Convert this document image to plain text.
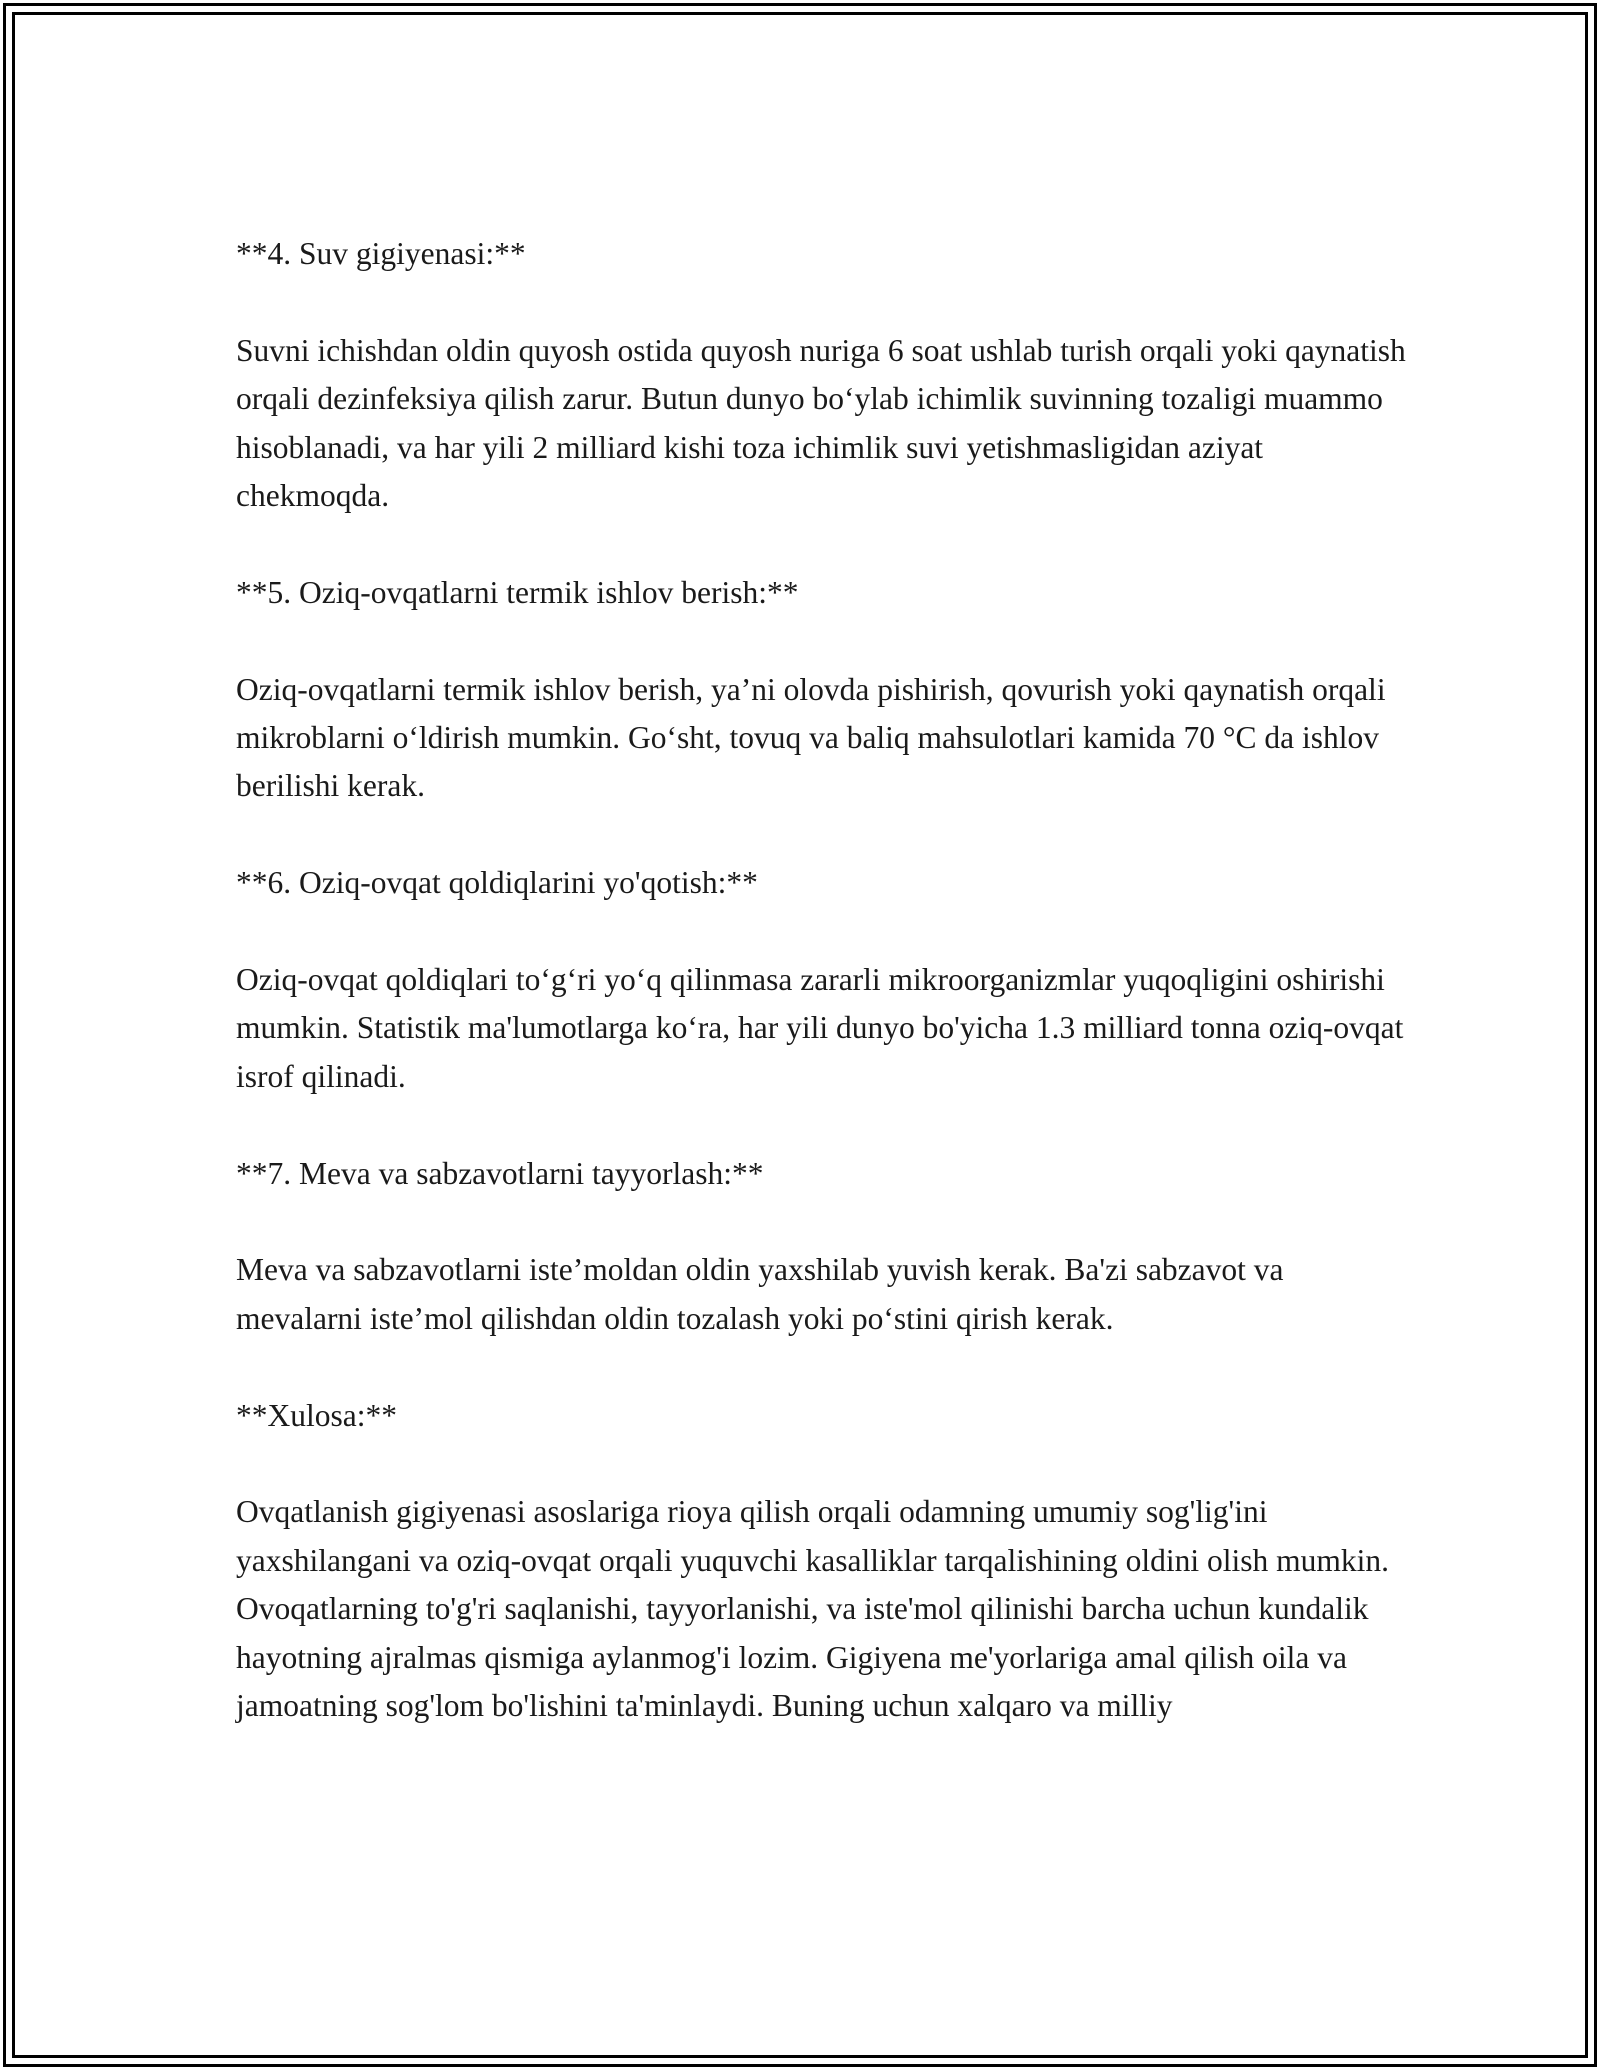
**4. Suv gigiyenasi:**

Suvni ichishdan oldin quyosh ostida quyosh nuriga 6 soat ushlab turish orqali yoki qaynatish orqali dezinfeksiya qilish zarur. Butun dunyo bo‘ylab ichimlik suvinning tozaligi muammo hisoblanadi, va har yili 2 milliard kishi toza ichimlik suvi yetishmasligidan aziyat chekmoqda.

**5. Oziq-ovqatlarni termik ishlov berish:**

Oziq-ovqatlarni termik ishlov berish, ya’ni olovda pishirish, qovurish yoki qaynatish orqali mikroblarni o‘ldirish mumkin. Go‘sht, tovuq va baliq mahsulotlari kamida 70 °C da ishlov berilishi kerak.

**6. Oziq-ovqat qoldiqlarini yo'qotish:**

Oziq-ovqat qoldiqlari to‘g‘ri yo‘q qilinmasa zararli mikroorganizmlar yuqoqligini oshirishi mumkin. Statistik ma'lumotlarga ko‘ra, har yili dunyo bo'yicha 1.3 milliard tonna oziq-ovqat isrof qilinadi.

**7. Meva va sabzavotlarni tayyorlash:**

Meva va sabzavotlarni iste’moldan oldin yaxshilab yuvish kerak. Ba'zi sabzavot va mevalarni iste’mol qilishdan oldin tozalash yoki po‘stini qirish kerak.

**Xulosa:**

Ovqatlanish gigiyenasi asoslariga rioya qilish orqali odamning umumiy sog'lig'ini yaxshilangani va oziq-ovqat orqali yuquvchi kasalliklar tarqalishining oldini olish mumkin. Ovoqatlarning to'g'ri saqlanishi, tayyorlanishi, va iste'mol qilinishi barcha uchun kundalik hayotning ajralmas qismiga aylanmog'i lozim. Gigiyena me'yorlariga amal qilish oila va jamoatning sog'lom bo'lishini ta'minlaydi. Buning uchun xalqaro va milliy
